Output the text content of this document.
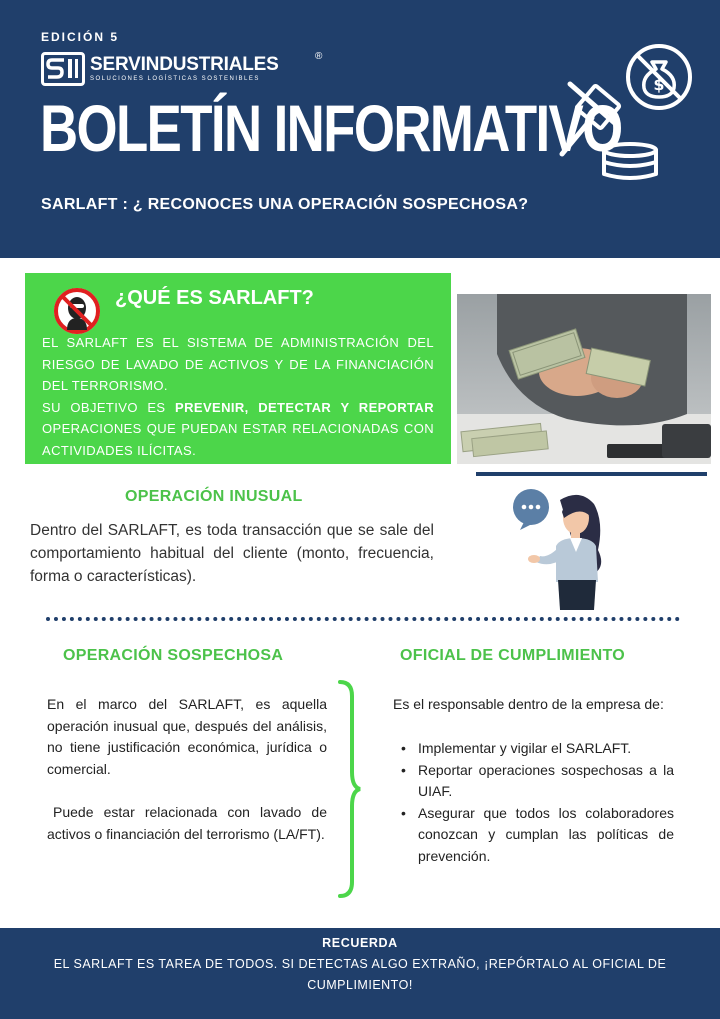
EDICIÓN 5
SERVINDUSTRIALES
SOLUCIONES LOGÍSTICAS SOSTENIBLES
®
BOLETÍN INFORMATIVO
SARLAFT : ¿ RECONOCES UNA OPERACIÓN SOSPECHOSA?
$
¿QUÉ ES SARLAFT?
EL SARLAFT ES EL SISTEMA DE ADMINISTRACIÓN DEL RIESGO DE LAVADO DE ACTIVOS Y DE LA FINANCIACIÓN DEL TERRORISMO.
SU OBJETIVO ES PREVENIR, DETECTAR Y REPORTAR OPERACIONES QUE PUEDAN ESTAR RELACIONADAS CON ACTIVIDADES ILÍCITAS.
OPERACIÓN INUSUAL
Dentro del SARLAFT, es toda transacción que se sale del comportamiento habitual del cliente (monto, frecuencia, forma o características).
OPERACIÓN SOSPECHOSA
En el marco del SARLAFT, es aquella operación inusual que, después del análisis, no tiene justificación económica, jurídica o comercial.
Puede estar relacionada con lavado de activos o financiación del terrorismo (LA/FT).
OFICIAL DE CUMPLIMIENTO
Es el responsable dentro de la empresa de:
• Implementar y vigilar el SARLAFT.
• Reportar operaciones sospechosas a la UIAF.
• Asegurar que todos los colaboradores conozcan y cumplan las políticas de prevención.
RECUERDA
EL SARLAFT ES TAREA DE TODOS. SI DETECTAS ALGO EXTRAÑO, ¡REPÓRTALO AL OFICIAL DE CUMPLIMIENTO!
